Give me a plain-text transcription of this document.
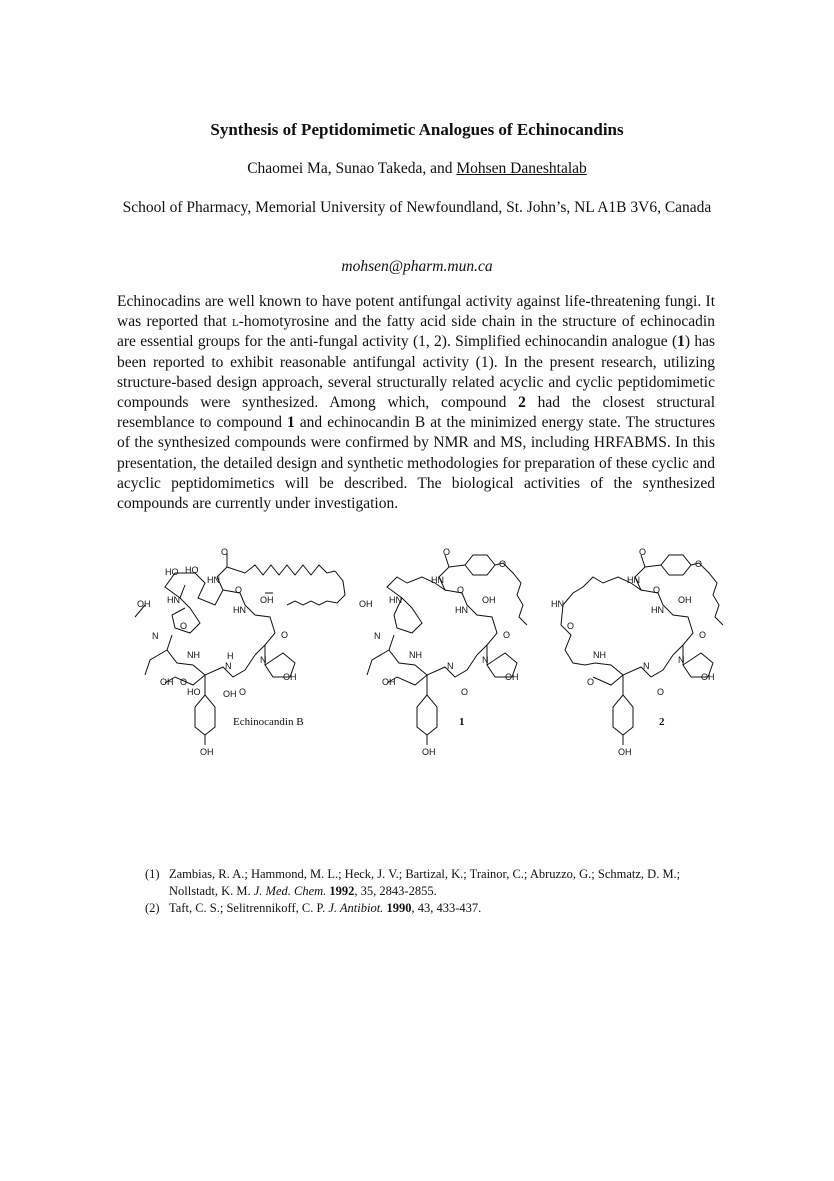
Synthesis of Peptidomimetic Analogues of Echinocandins
Chaomei Ma, Sunao Takeda, and Mohsen Daneshtalab
School of Pharmacy, Memorial University of Newfoundland, St. John’s, NL A1B 3V6, Canada
mohsen@pharm.mun.ca
Echinocadins are well known to have potent antifungal activity against life-threatening fungi. It was reported that l-homotyrosine and the fatty acid side chain in the structure of echinocadin are essential groups for the anti-fungal activity (1, 2). Simplified echinocandin analogue (1) has been reported to exhibit reasonable antifungal activity (1). In the present research, utilizing structure-based design approach, several structurally related acyclic and cyclic peptidomimetic compounds were synthesized. Among which, compound 2 had the closest structural resemblance to compound 1 and echinocandin B at the minimized energy state. The structures of the synthesized compounds were confirmed by NMR and MS, including HRFABMS. In this presentation, the detailed design and synthetic methodologies for preparation of these cyclic and acyclic peptidomimetics will be described. The biological activities of the synthesized compounds are currently under investigation.
O
HO HO
HN
HN
OH
HN
OH
O
O
N	O
N
NH	H
N
OH
OH O
HO	OH O
OH
Echinocandin B
O
O
HN
HN
OH
HN
OH
O
N	O
N
NH
N
OH
OH
O
OH
1
O
O
HN
HN
O
HN
OH
O
O
N
NH
N
OH
O
O
OH
2
(1) Zambias, R. A.; Hammond, M. L.; Heck, J. V.; Bartizal, K.; Trainor, C.; Abruzzo, G.; Schmatz, D. M.; Nollstadt, K. M. J. Med. Chem. 1992, 35, 2843-2855.
(2) Taft, C. S.; Selitrennikoff, C. P. J. Antibiot. 1990, 43, 433-437.
